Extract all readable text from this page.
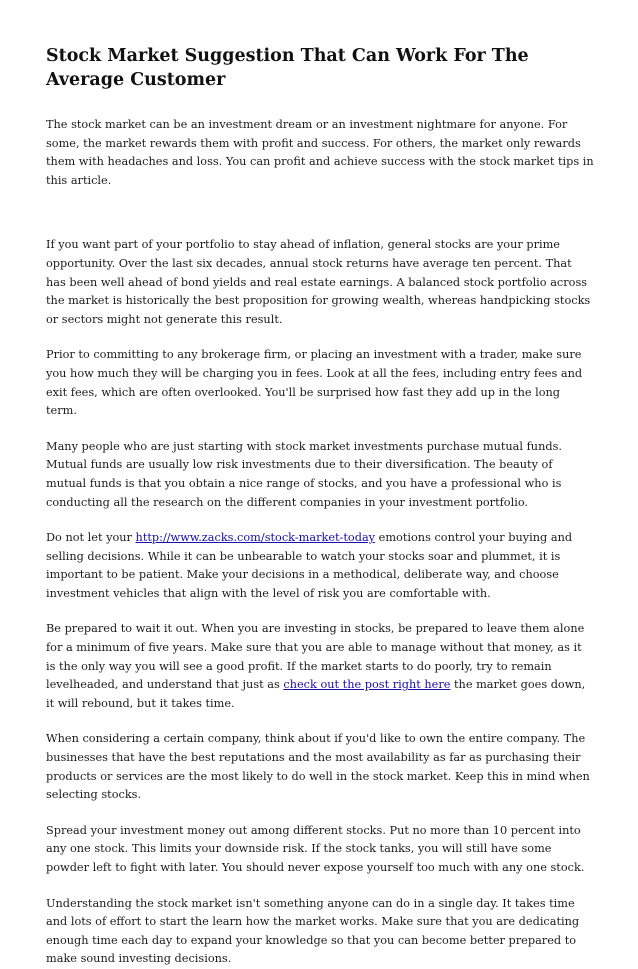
Stock Market Suggestion That Can Work For The Average Customer

The stock market can be an investment dream or an investment nightmare for anyone. For some, the market rewards them with profit and success. For others, the market only rewards them with headaches and loss. You can profit and achieve success with the stock market tips in this article.

If you want part of your portfolio to stay ahead of inflation, general stocks are your prime opportunity. Over the last six decades, annual stock returns have average ten percent. That has been well ahead of bond yields and real estate earnings. A balanced stock portfolio across the market is historically the best proposition for growing wealth, whereas handpicking stocks or sectors might not generate this result.

Prior to committing to any brokerage firm, or placing an investment with a trader, make sure you how much they will be charging you in fees. Look at all the fees, including entry fees and exit fees, which are often overlooked. You'll be surprised how fast they add up in the long term.

Many people who are just starting with stock market investments purchase mutual funds. Mutual funds are usually low risk investments due to their diversification. The beauty of mutual funds is that you obtain a nice range of stocks, and you have a professional who is conducting all the research on the different companies in your investment portfolio.

Do not let your http://www.zacks.com/stock-market-today emotions control your buying and selling decisions. While it can be unbearable to watch your stocks soar and plummet, it is important to be patient. Make your decisions in a methodical, deliberate way, and choose investment vehicles that align with the level of risk you are comfortable with.

Be prepared to wait it out. When you are investing in stocks, be prepared to leave them alone for a minimum of five years. Make sure that you are able to manage without that money, as it is the only way you will see a good profit. If the market starts to do poorly, try to remain levelheaded, and understand that just as check out the post right here the market goes down, it will rebound, but it takes time.

When considering a certain company, think about if you'd like to own the entire company. The businesses that have the best reputations and the most availability as far as purchasing their products or services are the most likely to do well in the stock market. Keep this in mind when selecting stocks.

Spread your investment money out among different stocks. Put no more than 10 percent into any one stock. This limits your downside risk. If the stock tanks, you will still have some powder left to fight with later. You should never expose yourself too much with any one stock.

Understanding the stock market isn't something anyone can do in a single day. It takes time and lots of effort to start the learn how the market works. Make sure that you are dedicating enough time each day to expand your knowledge so that you can become better prepared to make sound investing decisions.
